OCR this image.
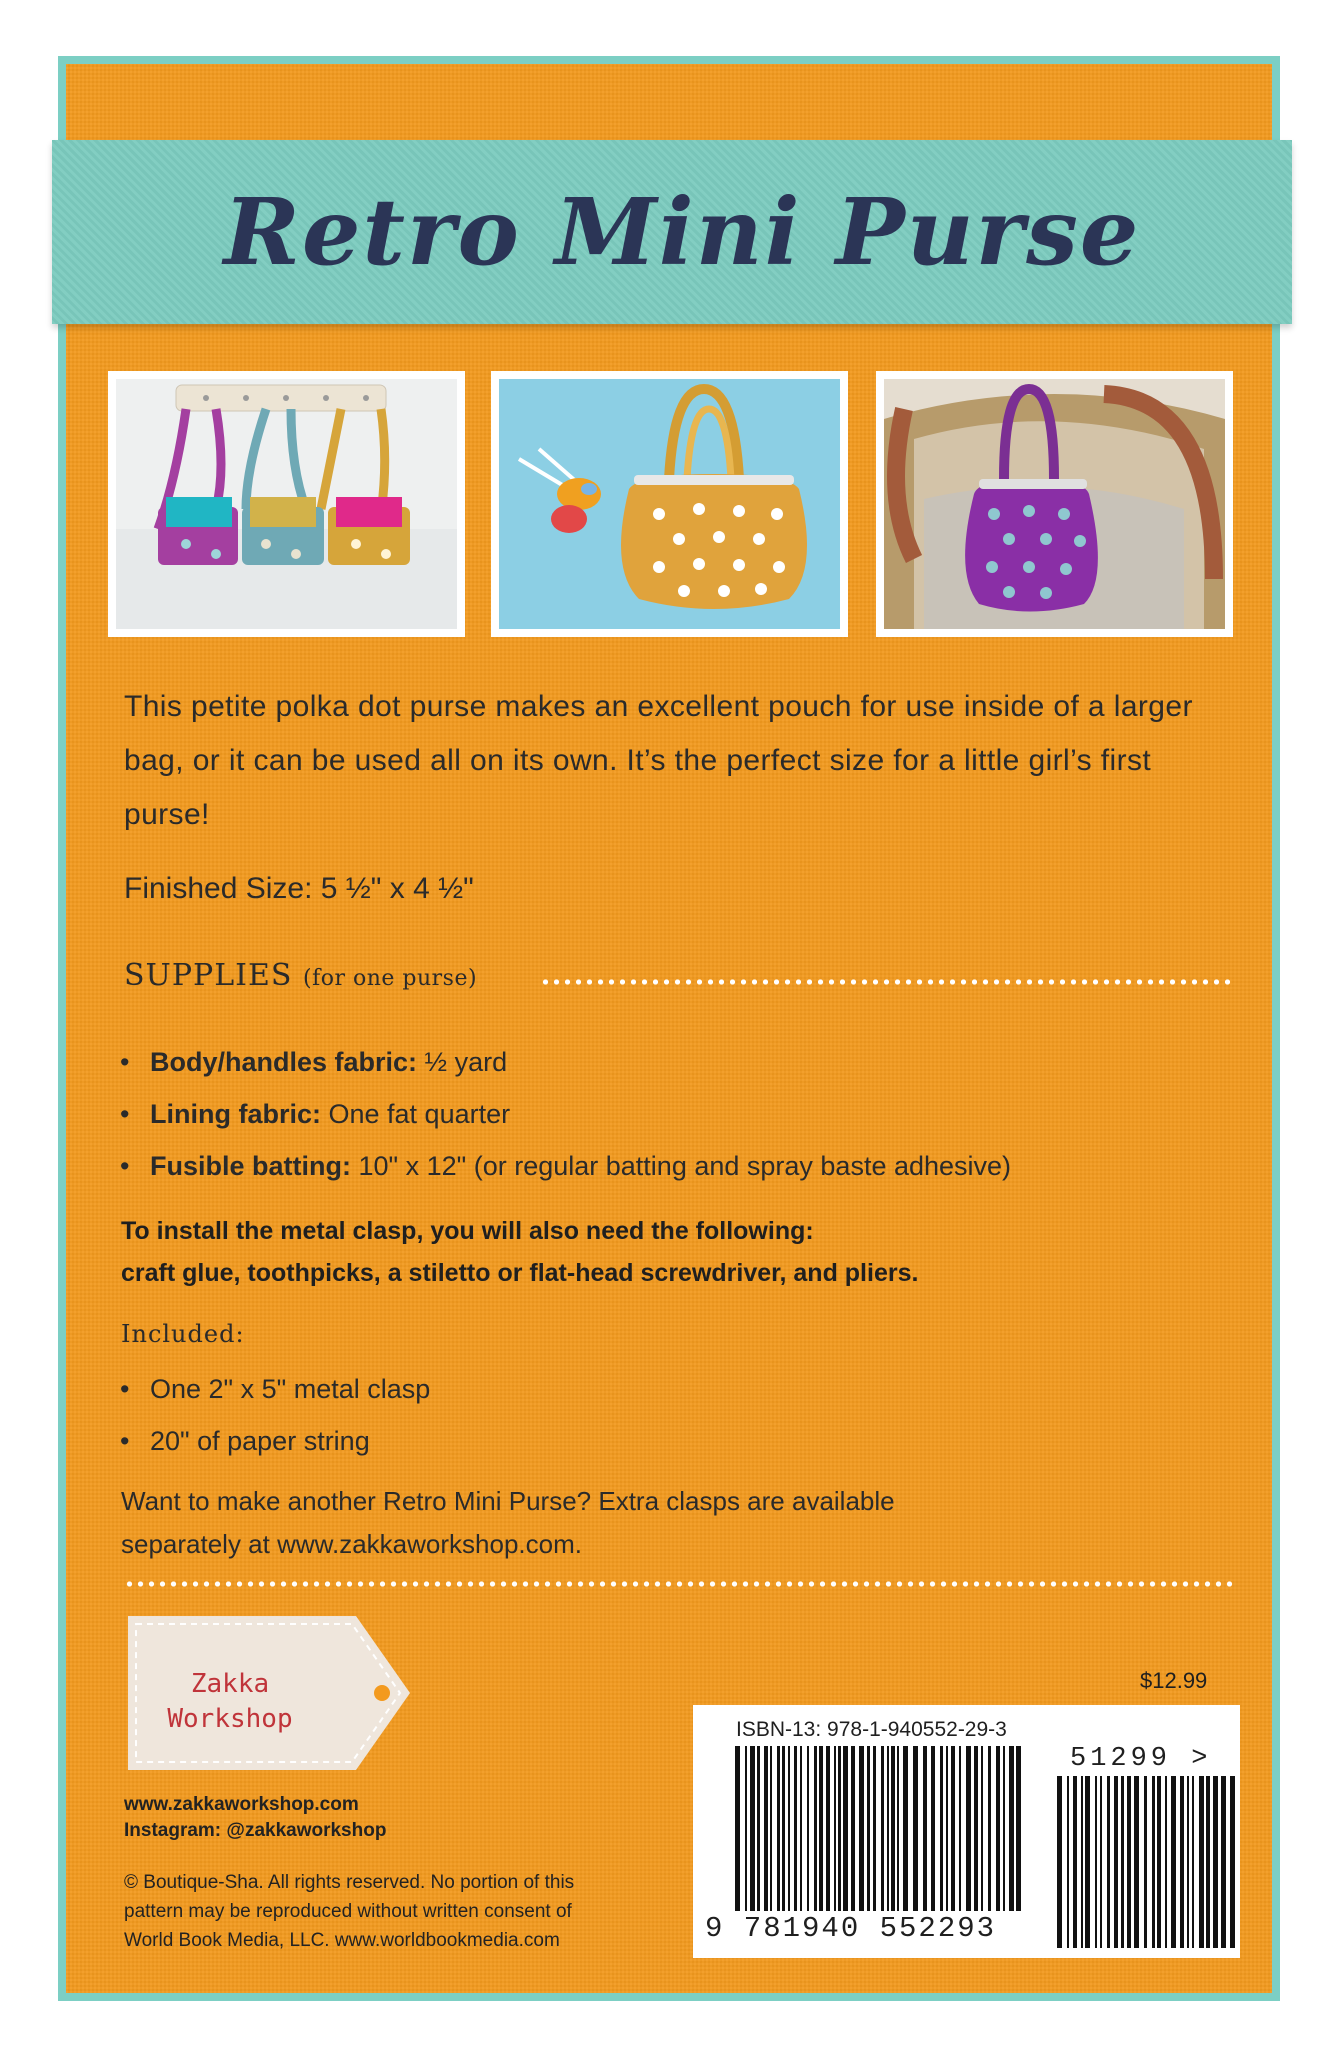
Retro Mini Purse

This petite polka dot purse makes an excellent pouch for use inside of a larger bag, or it can be used all on its own. It’s the perfect size for a little girl’s first purse!

Finished Size: 5 ½" x 4 ½"

SUPPLIES (for one purse)
• Body/handles fabric: ½ yard
• Lining fabric: One fat quarter
• Fusible batting: 10" x 12" (or regular batting and spray baste adhesive)

To install the metal clasp, you will also need the following:
craft glue, toothpicks, a stiletto or flat-head screwdriver, and pliers.

Included:

• One 2" x 5" metal clasp
• 20" of paper string

Want to make another Retro Mini Purse? Extra clasps are available
separately at www.zakkaworkshop.com.

Zakka
Workshop

www.zakkaworkshop.com
Instagram: @zakkaworkshop

© Boutique-Sha. All rights reserved. No portion of this
pattern may be reproduced without written consent of
World Book Media, LLC. www.worldbookmedia.com

$12.99

ISBN-13: 978-1-940552-29-3

51299 >

9 781940 552293
